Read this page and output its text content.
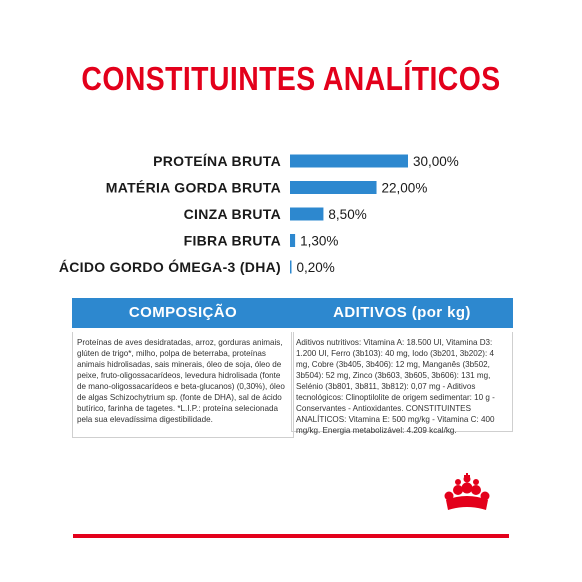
CONSTITUINTES ANALÍTICOS
PROTEÍNA BRUTA	30,00%
MATÉRIA GORDA BRUTA	22,00%
CINZA BRUTA	8,50%
FIBRA BRUTA 1,30%
ÁCIDO GORDO ÓMEGA-3 (DHA) 0,20%
COMPOSIÇÃO
Proteínas de aves desidratadas, arroz, gorduras animais, glúten de trigo*, milho, polpa de beterraba, proteínas animais hidrolisadas, sais minerais, óleo de soja, óleo de peixe, fruto-oligossacarídeos, levedura hidrolisada (fonte de mano-oligossacarídeos e beta-glucanos) (0,30%), óleo de algas Schizochytrium sp. (fonte de DHA), sal de ácido butírico, farinha de tagetes. *L.I.P.: proteína selecionada pela sua elevadíssima digestibilidade.
ADITIVOS (por kg)
Aditivos nutritivos: Vitamina A: 18.500 UI, Vitamina D3: 1.200 UI, Ferro (3b103): 40 mg, Iodo (3b201, 3b202): 4 mg, Cobre (3b405, 3b406): 12 mg, Manganês (3b502, 3b504): 52 mg, Zinco (3b603, 3b605, 3b606): 131 mg, Selénio (3b801, 3b811, 3b812): 0,07 mg - Aditivos tecnológicos: Clinoptilolite de origem sedimentar: 10 g - Conservantes - Antioxidantes. CONSTITUINTES ANALÍTICOS: Vitamina E: 500 mg/kg - Vitamina C: 400 mg/kg. Energia metabolizável: 4.209 kcal/kg.
